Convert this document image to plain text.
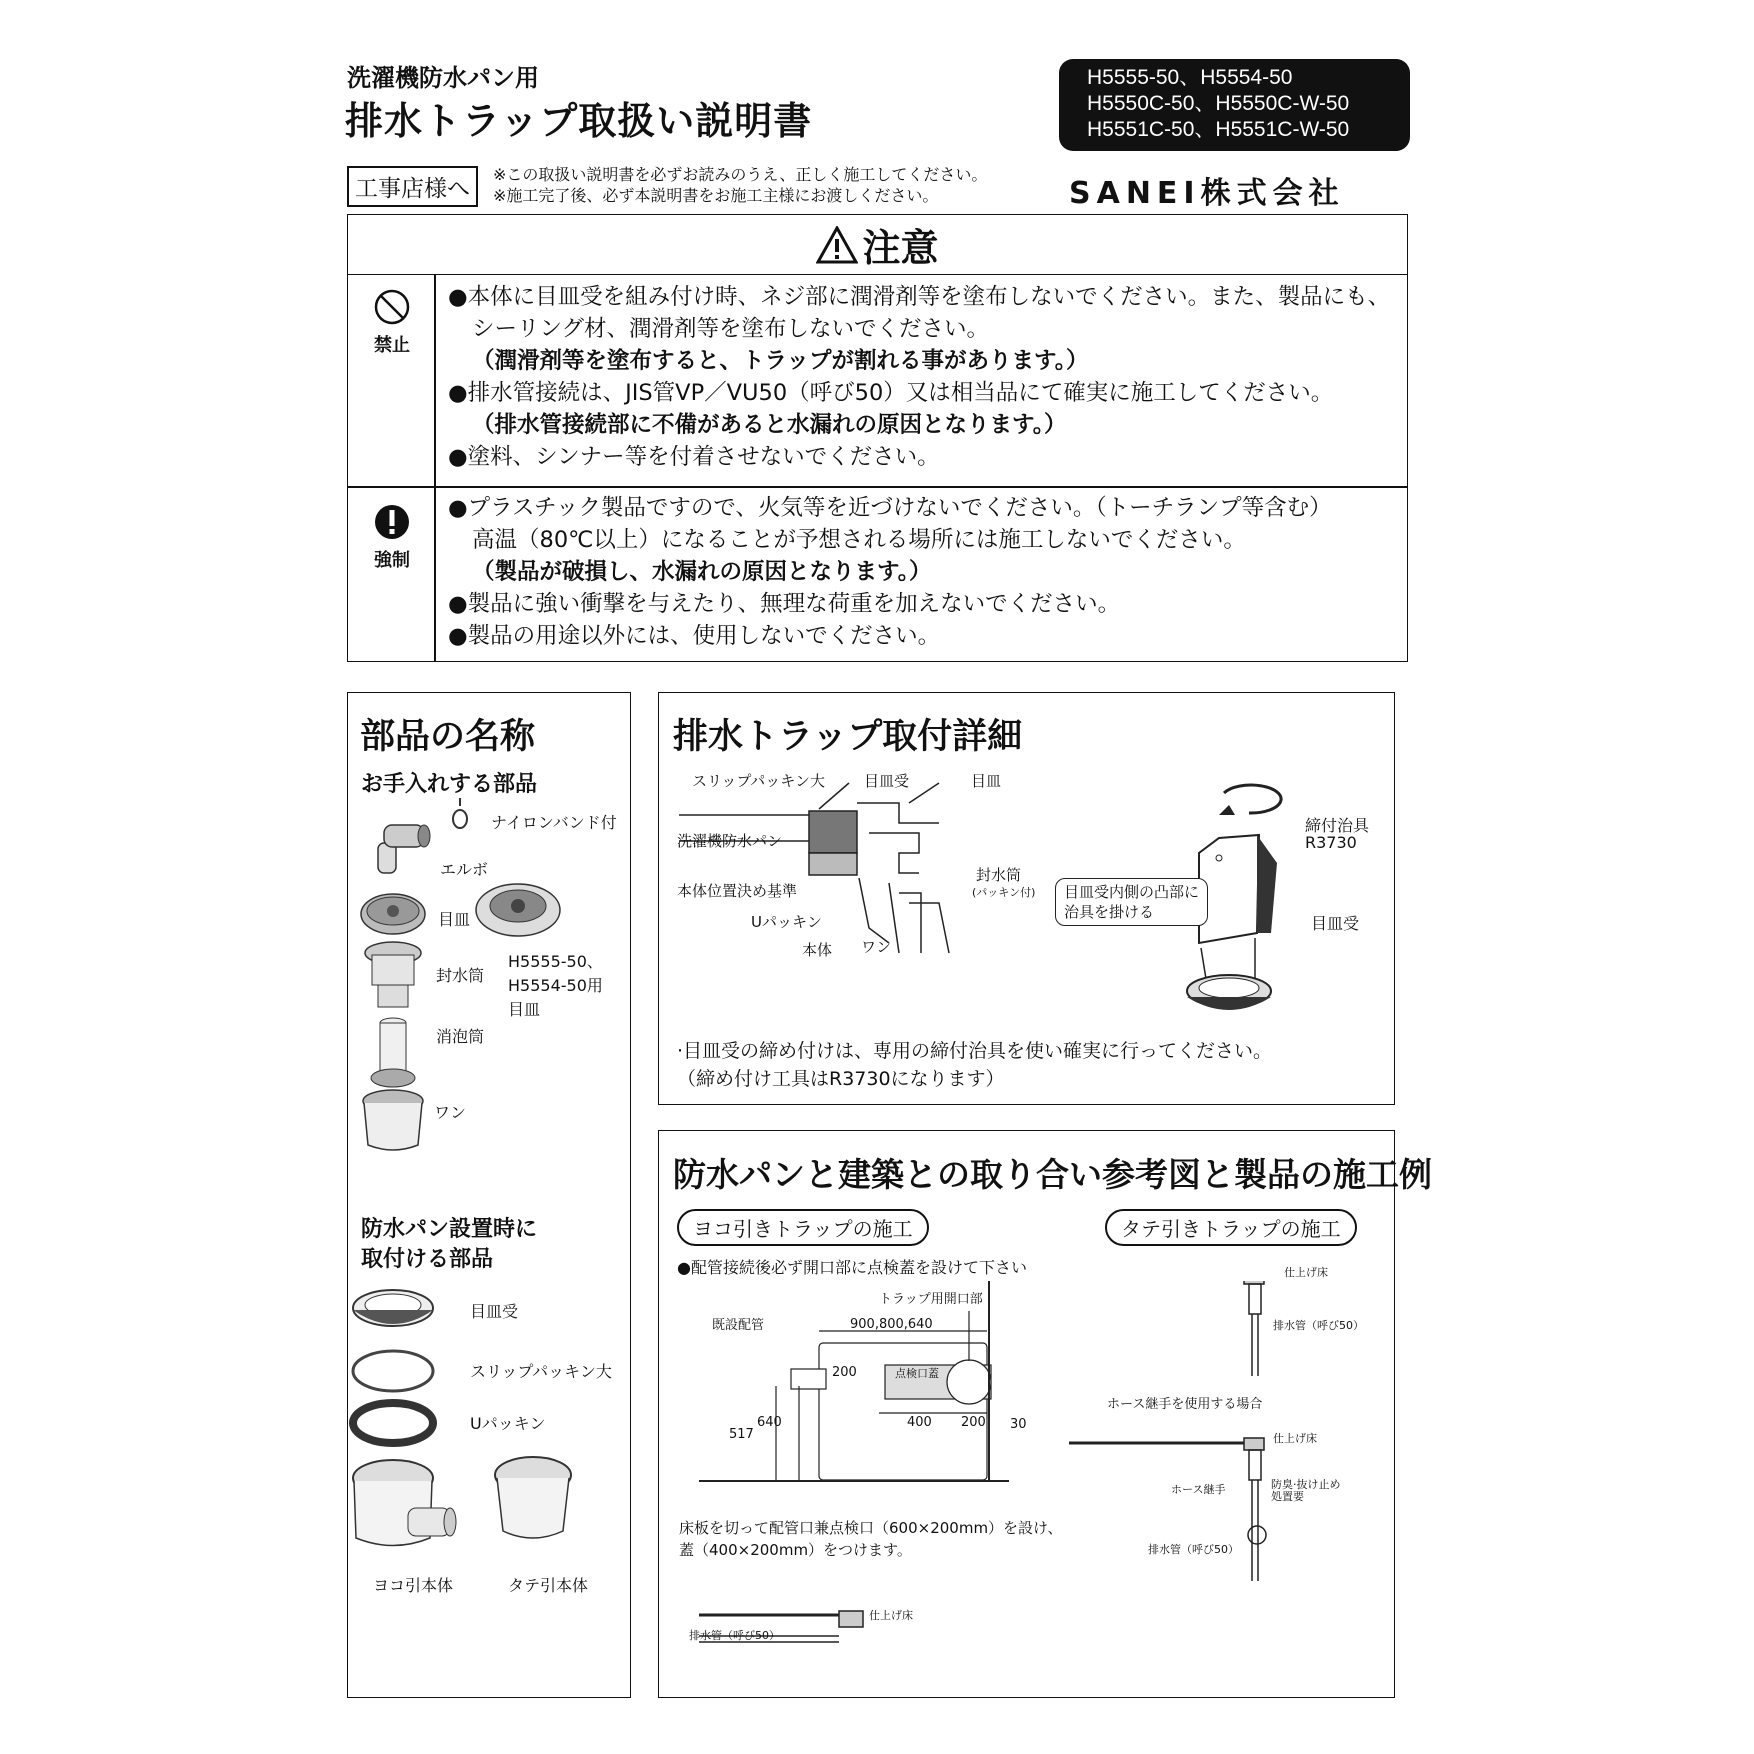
洗濯機防水パン用
排水トラップ取扱い説明書
H5555-50、H5554-50
H5550C-50、H5550C-W-50
H5551C-50、H5551C-W-50
工事店様へ
※この取扱い説明書を必ずお読みのうえ、正しく施工してください。
※施工完了後、必ず本説明書をお施工主様にお渡しください。	SANEI株式会社
注意
禁止
●本体に目皿受を組み付け時、ネジ部に潤滑剤等を塗布しないでください。また、製品にも、
シーリング材、潤滑剤等を塗布しないでください。
（潤滑剤等を塗布すると、トラップが割れる事があります。）
●排水管接続は、JIS管VP／VU50（呼び50）又は相当品にて確実に施工してください。
（排水管接続部に不備があると水漏れの原因となります。）
●塗料、シンナー等を付着させないでください。
強制
●プラスチック製品ですので、火気等を近づけないでください。（トーチランプ等含む）
高温（80℃以上）になることが予想される場所には施工しないでください。
（製品が破損し、水漏れの原因となります。）
●製品に強い衝撃を与えたり、無理な荷重を加えないでください。
●製品の用途以外には、使用しないでください。
部品の名称
お手入れする部品
ナイロンバンド付
エルボ
目皿
H5555-50、
H5554-50用
目皿
封水筒
消泡筒
ワン
防水パン設置時に
取付ける部品
目皿受
スリップパッキン大
Uパッキン
ヨコ引本体	タテ引本体
排水トラップ取付詳細
スリップパッキン大	目皿受	目皿
洗濯機防水パン
本体位置決め基準
Uパッキン
本体 ワン
封水筒
(パッキン付)
締付治具
R3730
目皿受内側の凸部に
治具を掛ける
目皿受
·目皿受の締め付けは、専用の締付治具を使い確実に行ってください。
（締め付け工具はR3730になります）
防水パンと建築との取り合い参考図と製品の施工例
ヨコ引きトラップの施工	タテ引きトラップの施工
●配管接続後必ず開口部に点検蓋を設けて下さい
トラップ用開口部
既設配管	900,800,640
200	点検口蓋
400 200 30
517
640
床板を切って配管口兼点検口（600×200mm）を設け、
蓋（400×200mm）をつけます。
仕上げ床
排水管（呼び50）
仕上げ床
排水管（呼び50）
ホース継手を使用する場合
仕上げ床
ホース継手	防臭·抜け止め
処置要
排水管（呼び50）
